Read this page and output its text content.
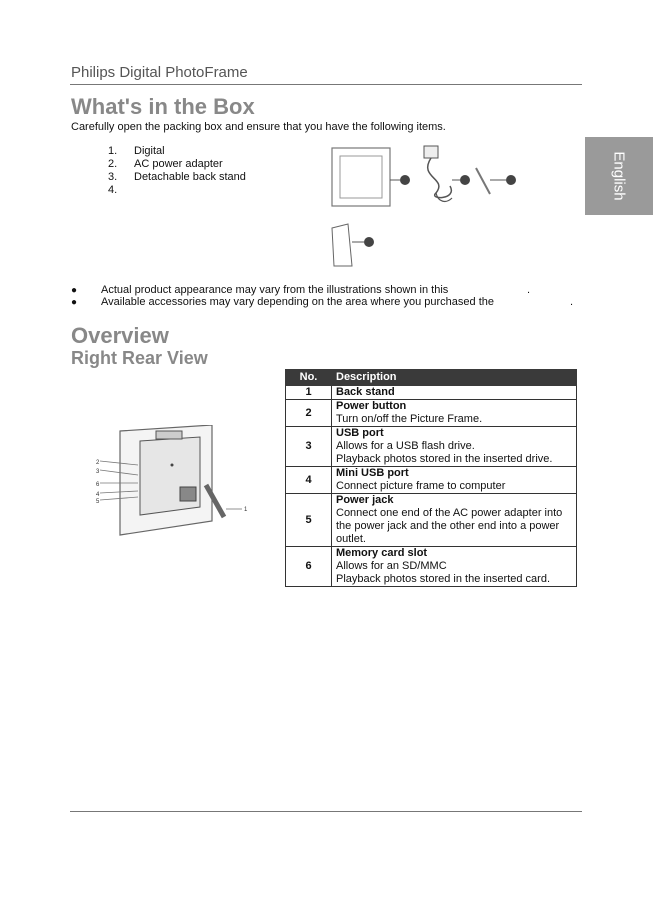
Philips Digital PhotoFrame
English
What's in the Box
Carefully open the packing box and ensure that you have the following items.
1. Digital
2. AC power adapter
3. Detachable back stand
4.
● Actual product appearance may vary from the illustrations shown in this	.
● Available accessories may vary depending on the area where you purchased the	.
Overview
Right Rear View
2
3
6
4
5
1
No.	Description
1	Back stand

2	Power button
Turn on/off the Picture Frame.

3	USB port
Allows for a USB flash drive.
Playback photos stored in the inserted drive.

4	Mini USB port
Connect picture frame to computer

5	Power jack
Connect one end of the AC power adapter into the power jack and the other end into a power outlet.

6	Memory card slot
Allows for an SD/MMC
Playback photos stored in the inserted card.
